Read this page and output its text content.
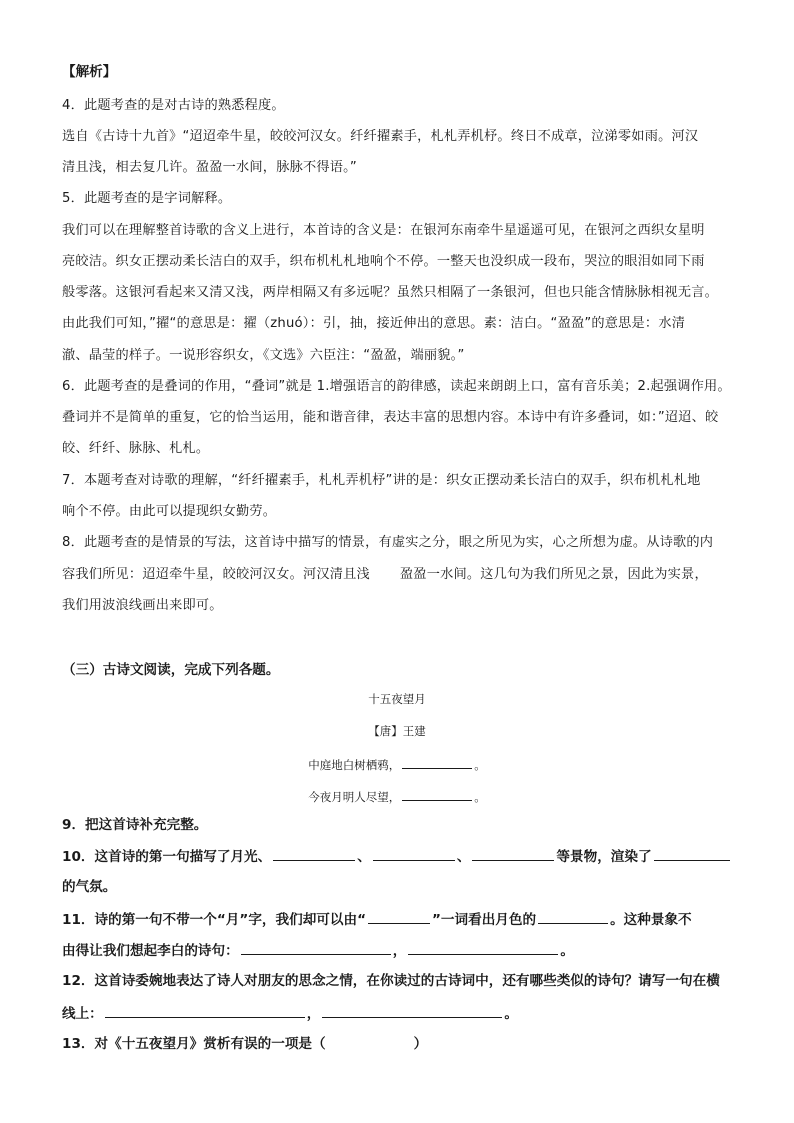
【解析】
4．此题考查的是对古诗的熟悉程度。
选自《古诗十九首》“迢迢牵牛星，皎皎河汉女。纤纤擢素手，札札弄机杼。终日不成章，泣涕零如雨。河汉
清且浅，相去复几许。盈盈一水间，脉脉不得语。”
5．此题考查的是字词解释。
我们可以在理解整首诗歌的含义上进行，本首诗的含义是：在银河东南牵牛星遥遥可见，在银河之西织女星明
亮皎洁。织女正摆动柔长洁白的双手，织布机札札地响个不停。一整天也没织成一段布，哭泣的眼泪如同下雨
般零落。这银河看起来又清又浅，两岸相隔又有多远呢？虽然只相隔了一条银河，但也只能含情脉脉相视无言。
由此我们可知，”擢“的意思是：擢（zhuó）：引，抽，接近伸出的意思。素：洁白。“盈盈”的意思是：水清
澈、晶莹的样子。一说形容织女，《文选》六臣注：“盈盈，端丽貌。”
6．此题考查的是叠词的作用，“叠词”就是 1.增强语言的韵律感，读起来朗朗上口，富有音乐美；2.起强调作用。
叠词并不是简单的重复，它的恰当运用，能和谐音律，表达丰富的思想内容。本诗中有许多叠词，如：”迢迢、皎
皎、纤纤、脉脉、札札。
7．本题考查对诗歌的理解，“纤纤擢素手，札札弄机杼”讲的是：织女正摆动柔长洁白的双手，织布机札札地
响个不停。由此可以提现织女勤劳。
8．此题考查的是情景的写法，这首诗中描写的情景，有虚实之分，眼之所见为实，心之所想为虚。从诗歌的内
容我们所见：迢迢牵牛星，皎皎河汉女。河汉清且浅 盈盈一水间。这几句为我们所见之景，因此为实景，
我们用波浪线画出来即可。
（三）古诗文阅读，完成下列各题。
十五夜望月
【唐】王建
中庭地白树栖鸦，	。
今夜月明人尽望，	。
9．把这首诗补充完整。
10．这首诗的第一句描写了月光、	、	、	等景物，渲染了
的气氛。
11．诗的第一句不带一个“月”字，我们却可以由“	”一词看出月色的	。这种景象不
由得让我们想起李白的诗句：	，	。
12．这首诗委婉地表达了诗人对朋友的思念之情，在你读过的古诗词中，还有哪些类似的诗句？请写一句在横
线上：	，	。
13．对《十五夜望月》赏析有误的一项是（	）
